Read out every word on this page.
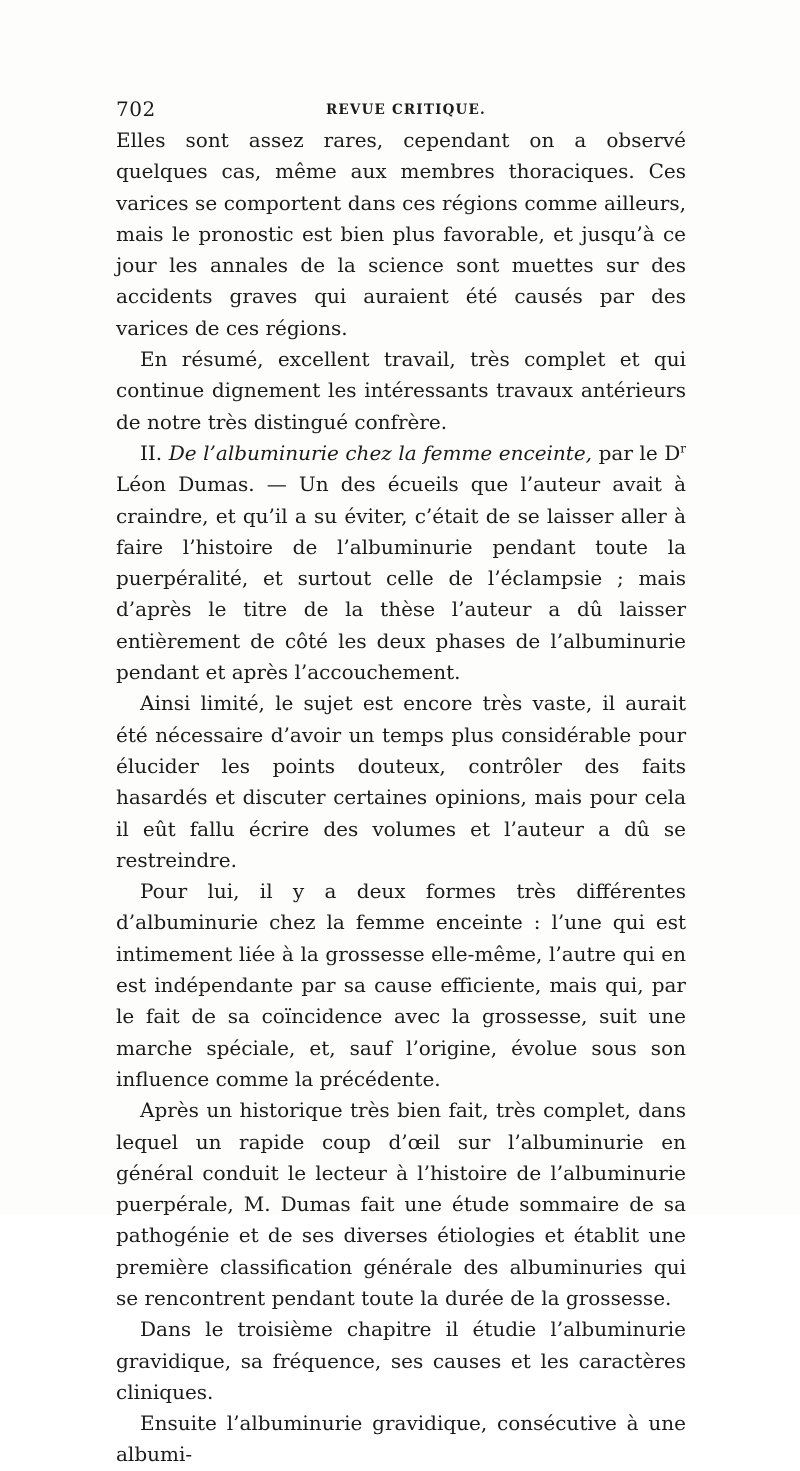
702	REVUE CRITIQUE.

Elles sont assez rares, cependant on a observé quelques cas, même aux membres thoraciques. Ces varices se comportent dans ces régions comme ailleurs, mais le pronostic est bien plus favorable, et jusqu’à ce jour les annales de la science sont muettes sur des accidents graves qui auraient été causés par des varices de ces régions.

En résumé, excellent travail, très complet et qui continue dignement les intéressants travaux antérieurs de notre très distingué confrère.

II. De l’albuminurie chez la femme enceinte, par le $D^r$ Léon Dumas. — Un des écueils que l’auteur avait à craindre, et qu’il a su éviter, c’était de se laisser aller à faire l’histoire de l’albuminurie pendant toute la puerpéralité, et surtout celle de l’éclampsie ; mais d’après le titre de la thèse l’auteur a dû laisser entièrement de côté les deux phases de l’albuminurie pendant et après l’accouchement.

Ainsi limité, le sujet est encore très vaste, il aurait été nécessaire d’avoir un temps plus considérable pour élucider les points douteux, contrôler des faits hasardés et discuter certaines opinions, mais pour cela il eût fallu écrire des volumes et l’auteur a dû se restreindre.

Pour lui, il y a deux formes très différentes d’albuminurie chez la femme enceinte : l’une qui est intimement liée à la grossesse elle-même, l’autre qui en est indépendante par sa cause efficiente, mais qui, par le fait de sa coïncidence avec la grossesse, suit une marche spéciale, et, sauf l’origine, évolue sous son influence comme la précédente.

Après un historique très bien fait, très complet, dans lequel un rapide coup d’œil sur l’albuminurie en général conduit le lecteur à l’histoire de l’albuminurie puerpérale, M. Dumas fait une étude sommaire de sa pathogénie et de ses diverses étiologies et établit une première classification générale des albuminuries qui se rencontrent pendant toute la durée de la grossesse.

Dans le troisième chapitre il étudie l’albuminurie gravidique, sa fréquence, ses causes et les caractères cliniques.

Ensuite l’albuminurie gravidique, consécutive à une albumi-
